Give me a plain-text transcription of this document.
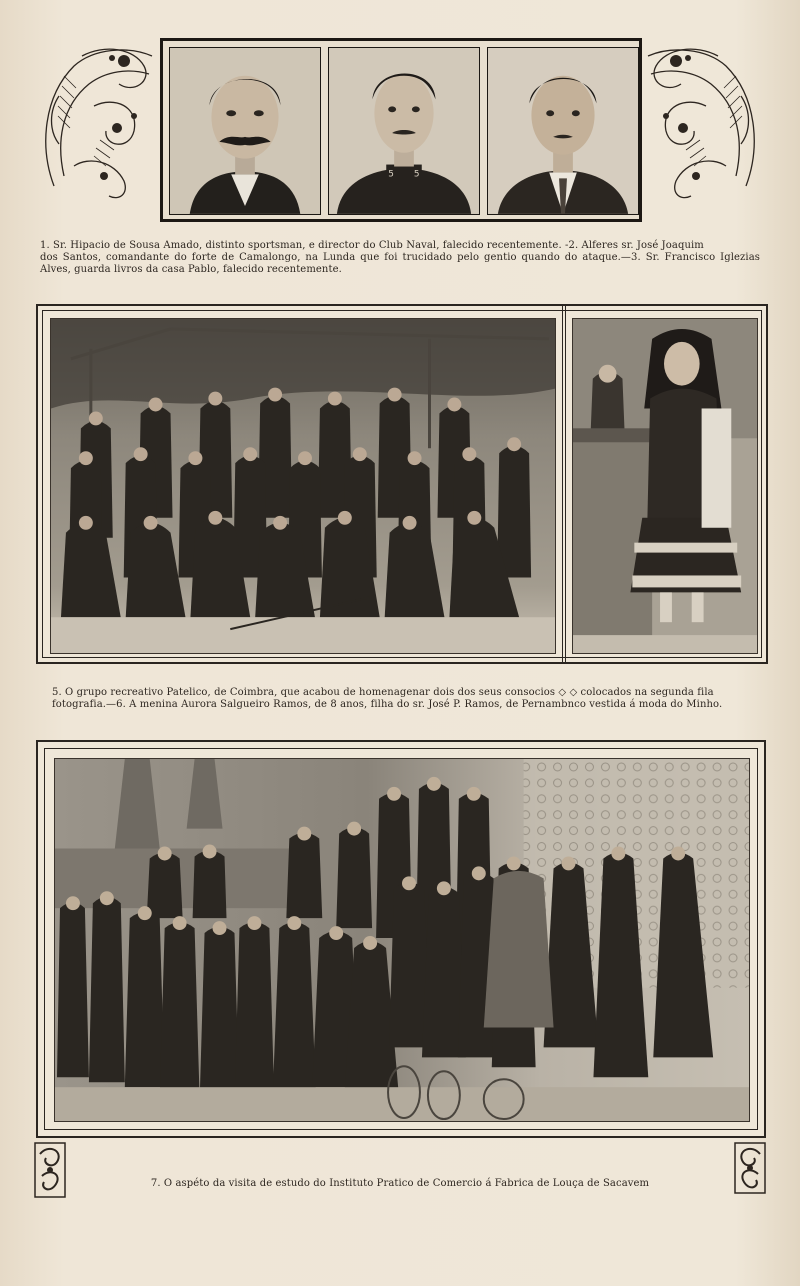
5 5
1. Sr. Hipacio de Sousa Amado, distinto sportsman, e director do Club Naval, falecido recentemente. -2. Alferes sr. José Joaquim
dos Santos, comandante do forte de Camalongo, na Lunda que foi trucidado pelo gentio quando do ataque.—3. Sr. Francisco Iglezias Alves, guarda livros da casa Pablo, falecido recentemente.
5. O grupo recreativo Patelico, de Coimbra, que acabou de homenagenar dois dos seus consocios ◇ ◇ colocados na segunda fila
fotografia.—6. A menina Aurora Salgueiro Ramos, de 8 anos, filha do sr. José P. Ramos, de Pernambnco vestida á moda do Minho.
7. O aspéto da visita de estudo do Instituto Pratico de Comercio á Fabrica de Louça de Sacavem
